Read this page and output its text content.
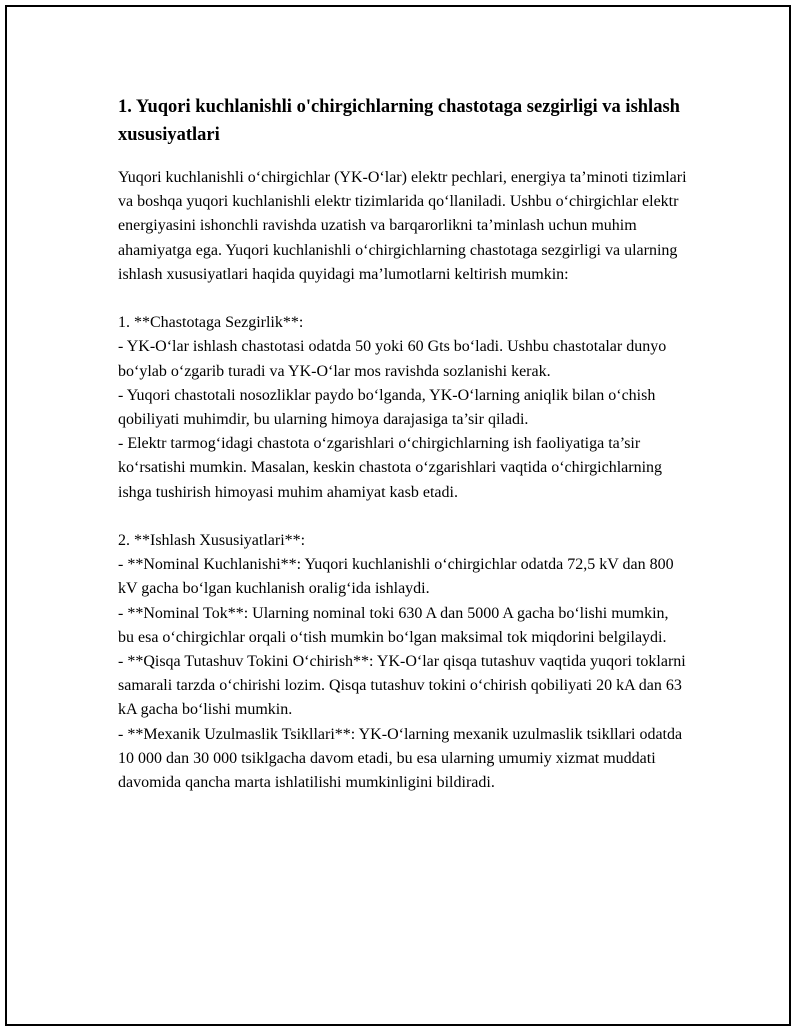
1. Yuqori kuchlanishli o'chirgichlarning chastotaga sezgirligi va ishlash xususiyatlari

Yuqori kuchlanishli o‘chirgichlar (YK-O‘lar) elektr pechlari, energiya ta’minoti tizimlari va boshqa yuqori kuchlanishli elektr tizimlarida qo‘llaniladi. Ushbu o‘chirgichlar elektr energiyasini ishonchli ravishda uzatish va barqarorlikni ta’minlash uchun muhim ahamiyatga ega. Yuqori kuchlanishli o‘chirgichlarning chastotaga sezgirligi va ularning ishlash xususiyatlari haqida quyidagi ma’lumotlarni keltirish mumkin:

1. **Chastotaga Sezgirlik**:
- YK-O‘lar ishlash chastotasi odatda 50 yoki 60 Gts bo‘ladi. Ushbu chastotalar dunyo bo‘ylab o‘zgarib turadi va YK-O‘lar mos ravishda sozlanishi kerak.
- Yuqori chastotali nosozliklar paydo bo‘lganda, YK-O‘larning aniqlik bilan o‘chish qobiliyati muhimdir, bu ularning himoya darajasiga ta’sir qiladi.
- Elektr tarmog‘idagi chastota o‘zgarishlari o‘chirgichlarning ish faoliyatiga ta’sir ko‘rsatishi mumkin. Masalan, keskin chastota o‘zgarishlari vaqtida o‘chirgichlarning ishga tushirish himoyasi muhim ahamiyat kasb etadi.

2. **Ishlash Xususiyatlari**:
- **Nominal Kuchlanishi**: Yuqori kuchlanishli o‘chirgichlar odatda 72,5 kV dan 800 kV gacha bo‘lgan kuchlanish oralig‘ida ishlaydi.
- **Nominal Tok**: Ularning nominal toki 630 A dan 5000 A gacha bo‘lishi mumkin, bu esa o‘chirgichlar orqali o‘tish mumkin bo‘lgan maksimal tok miqdorini belgilaydi.
- **Qisqa Tutashuv Tokini O‘chirish**: YK-O‘lar qisqa tutashuv vaqtida yuqori toklarni samarali tarzda o‘chirishi lozim. Qisqa tutashuv tokini o‘chirish qobiliyati 20 kA dan 63 kA gacha bo‘lishi mumkin.
- **Mexanik Uzulmaslik Tsikllari**: YK-O‘larning mexanik uzulmaslik tsikllari odatda 10 000 dan 30 000 tsiklgacha davom etadi, bu esa ularning umumiy xizmat muddati davomida qancha marta ishlatilishi mumkinligini bildiradi.
